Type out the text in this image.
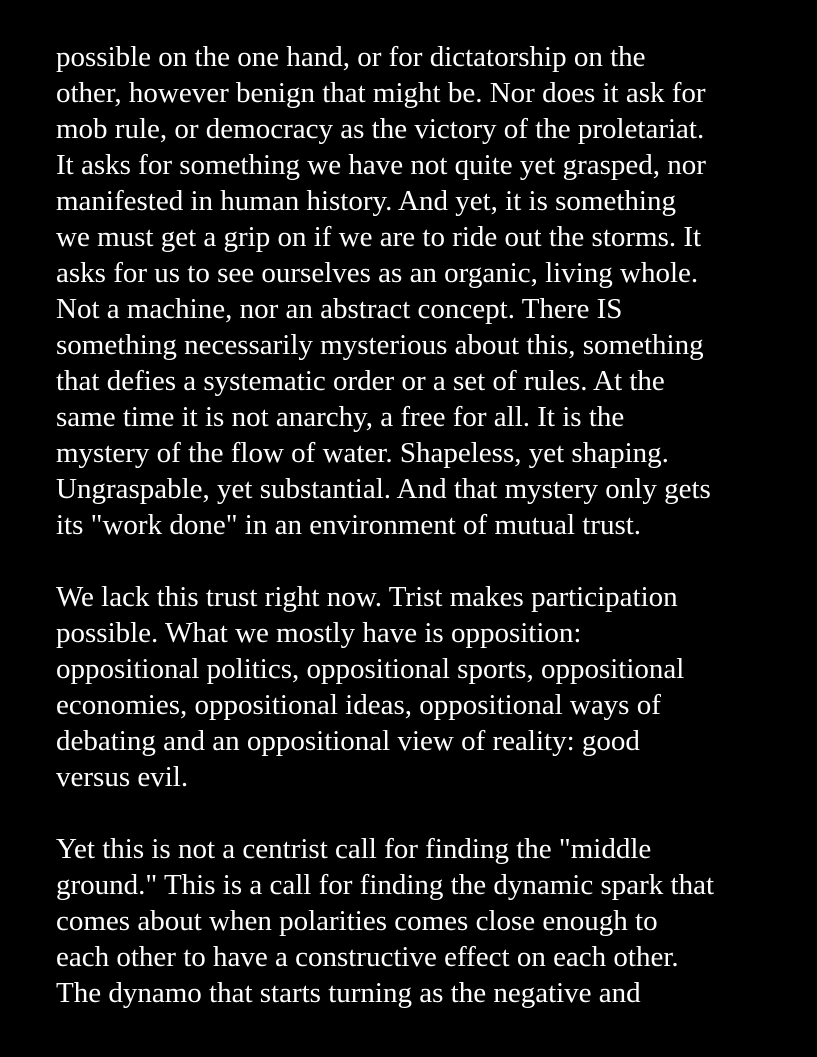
possible on the one hand, or for dictatorship on the
other, however benign that might be. Nor does it ask for
mob rule, or democracy as the victory of the proletariat.
It asks for something we have not quite yet grasped, nor
manifested in human history. And yet, it is something
we must get a grip on if we are to ride out the storms. It
asks for us to see ourselves as an organic, living whole.
Not a machine, nor an abstract concept. There IS
something necessarily mysterious about this, something
that defies a systematic order or a set of rules. At the
same time it is not anarchy, a free for all. It is the
mystery of the flow of water. Shapeless, yet shaping.
Ungraspable, yet substantial. And that mystery only gets
its "work done" in an environment of mutual trust.

We lack this trust right now. Trist makes participation
possible. What we mostly have is opposition:
oppositional politics, oppositional sports, oppositional
economies, oppositional ideas, oppositional ways of
debating and an oppositional view of reality: good
versus evil.

Yet this is not a centrist call for finding the "middle
ground." This is a call for finding the dynamic spark that
comes about when polarities comes close enough to
each other to have a constructive effect on each other.
The dynamo that starts turning as the negative and
